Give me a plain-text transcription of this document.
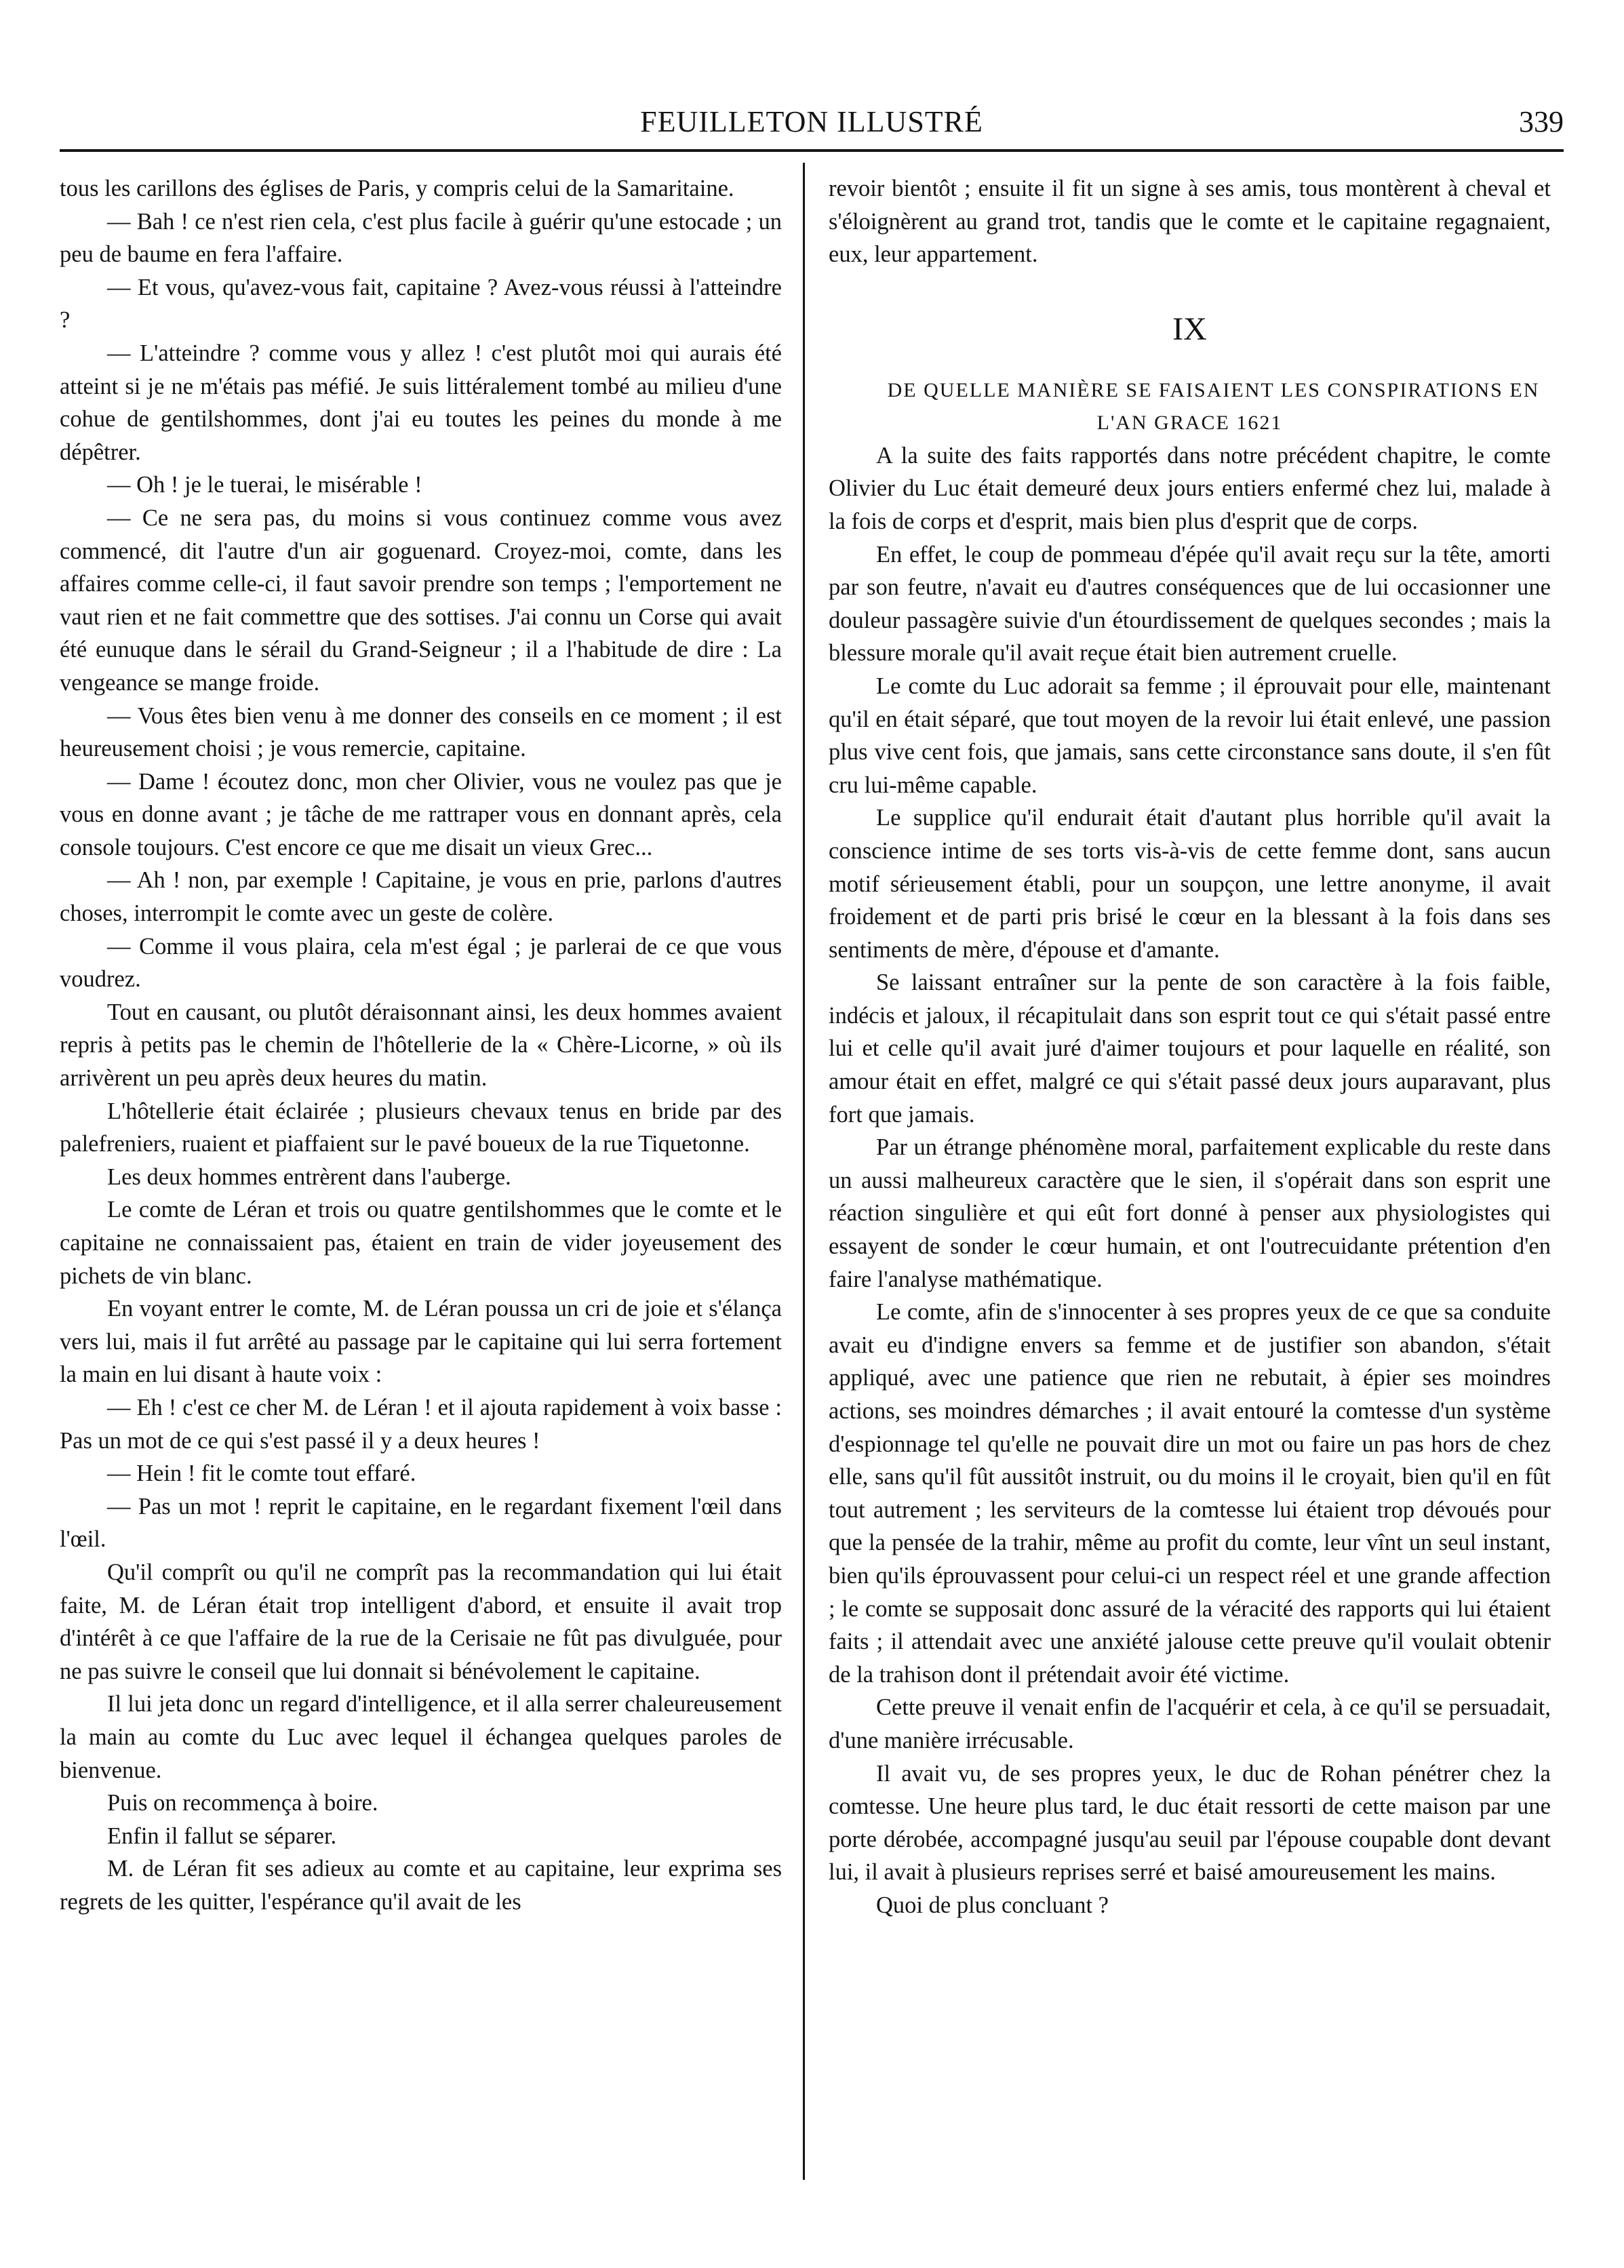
FEUILLETON ILLUSTRÉ	339

tous les carillons des églises de Paris, y compris celui de la Samaritaine.

— Bah ! ce n'est rien cela, c'est plus facile à guérir qu'une estocade ; un peu de baume en fera l'affaire.

— Et vous, qu'avez-vous fait, capitaine ? Avez-vous réussi à l'atteindre ?

— L'atteindre ? comme vous y allez ! c'est plutôt moi qui aurais été atteint si je ne m'étais pas méfié. Je suis littéralement tombé au milieu d'une cohue de gentilshommes, dont j'ai eu toutes les peines du monde à me dépêtrer.

— Oh ! je le tuerai, le misérable !

— Ce ne sera pas, du moins si vous continuez comme vous avez commencé, dit l'autre d'un air goguenard. Croyez-moi, comte, dans les affaires comme celle-ci, il faut savoir prendre son temps ; l'emportement ne vaut rien et ne fait commettre que des sottises. J'ai connu un Corse qui avait été eunuque dans le sérail du Grand-Seigneur ; il a l'habitude de dire : La vengeance se mange froide.

— Vous êtes bien venu à me donner des conseils en ce moment ; il est heureusement choisi ; je vous remercie, capitaine.

— Dame ! écoutez donc, mon cher Olivier, vous ne voulez pas que je vous en donne avant ; je tâche de me rattraper vous en donnant après, cela console toujours. C'est encore ce que me disait un vieux Grec...

— Ah ! non, par exemple ! Capitaine, je vous en prie, parlons d'autres choses, interrompit le comte avec un geste de colère.

— Comme il vous plaira, cela m'est égal ; je parlerai de ce que vous voudrez.

Tout en causant, ou plutôt déraisonnant ainsi, les deux hommes avaient repris à petits pas le chemin de l'hôtellerie de la « Chère-Licorne, » où ils arrivèrent un peu après deux heures du matin.

L'hôtellerie était éclairée ; plusieurs chevaux tenus en bride par des palefreniers, ruaient et piaffaient sur le pavé boueux de la rue Tiquetonne.

Les deux hommes entrèrent dans l'auberge.

Le comte de Léran et trois ou quatre gentilshommes que le comte et le capitaine ne connaissaient pas, étaient en train de vider joyeusement des pichets de vin blanc.

En voyant entrer le comte, M. de Léran poussa un cri de joie et s'élança vers lui, mais il fut arrêté au passage par le capitaine qui lui serra fortement la main en lui disant à haute voix :

— Eh ! c'est ce cher M. de Léran ! et il ajouta rapidement à voix basse : Pas un mot de ce qui s'est passé il y a deux heures !

— Hein ! fit le comte tout effaré.

— Pas un mot ! reprit le capitaine, en le regardant fixement l'œil dans l'œil.

Qu'il comprît ou qu'il ne comprît pas la recommandation qui lui était faite, M. de Léran était trop intelligent d'abord, et ensuite il avait trop d'intérêt à ce que l'affaire de la rue de la Cerisaie ne fût pas divulguée, pour ne pas suivre le conseil que lui donnait si bénévolement le capitaine.

Il lui jeta donc un regard d'intelligence, et il alla serrer chaleureusement la main au comte du Luc avec lequel il échangea quelques paroles de bienvenue.

Puis on recommença à boire.

Enfin il fallut se séparer.

M. de Léran fit ses adieux au comte et au capitaine, leur exprima ses regrets de les quitter, l'espérance qu'il avait de les

revoir bientôt ; ensuite il fit un signe à ses amis, tous montèrent à cheval et s'éloignèrent au grand trot, tandis que le comte et le capitaine regagnaient, eux, leur appartement.

IX

DE QUELLE MANIÈRE SE FAISAIENT LES CONSPIRATIONS EN
L'AN GRACE 1621

A la suite des faits rapportés dans notre précédent chapitre, le comte Olivier du Luc était demeuré deux jours entiers enfermé chez lui, malade à la fois de corps et d'esprit, mais bien plus d'esprit que de corps.

En effet, le coup de pommeau d'épée qu'il avait reçu sur la tête, amorti par son feutre, n'avait eu d'autres conséquences que de lui occasionner une douleur passagère suivie d'un étourdissement de quelques secondes ; mais la blessure morale qu'il avait reçue était bien autrement cruelle.

Le comte du Luc adorait sa femme ; il éprouvait pour elle, maintenant qu'il en était séparé, que tout moyen de la revoir lui était enlevé, une passion plus vive cent fois, que jamais, sans cette circonstance sans doute, il s'en fût cru lui-même capable.

Le supplice qu'il endurait était d'autant plus horrible qu'il avait la conscience intime de ses torts vis-à-vis de cette femme dont, sans aucun motif sérieusement établi, pour un soupçon, une lettre anonyme, il avait froidement et de parti pris brisé le cœur en la blessant à la fois dans ses sentiments de mère, d'épouse et d'amante.

Se laissant entraîner sur la pente de son caractère à la fois faible, indécis et jaloux, il récapitulait dans son esprit tout ce qui s'était passé entre lui et celle qu'il avait juré d'aimer toujours et pour laquelle en réalité, son amour était en effet, malgré ce qui s'était passé deux jours auparavant, plus fort que jamais.

Par un étrange phénomène moral, parfaitement explicable du reste dans un aussi malheureux caractère que le sien, il s'opérait dans son esprit une réaction singulière et qui eût fort donné à penser aux physiologistes qui essayent de sonder le cœur humain, et ont l'outrecuidante prétention d'en faire l'analyse mathématique.

Le comte, afin de s'innocenter à ses propres yeux de ce que sa conduite avait eu d'indigne envers sa femme et de justifier son abandon, s'était appliqué, avec une patience que rien ne rebutait, à épier ses moindres actions, ses moindres démarches ; il avait entouré la comtesse d'un système d'espionnage tel qu'elle ne pouvait dire un mot ou faire un pas hors de chez elle, sans qu'il fût aussitôt instruit, ou du moins il le croyait, bien qu'il en fût tout autrement ; les serviteurs de la comtesse lui étaient trop dévoués pour que la pensée de la trahir, même au profit du comte, leur vînt un seul instant, bien qu'ils éprouvassent pour celui-ci un respect réel et une grande affection ; le comte se supposait donc assuré de la véracité des rapports qui lui étaient faits ; il attendait avec une anxiété jalouse cette preuve qu'il voulait obtenir de la trahison dont il prétendait avoir été victime.

Cette preuve il venait enfin de l'acquérir et cela, à ce qu'il se persuadait, d'une manière irrécusable.

Il avait vu, de ses propres yeux, le duc de Rohan pénétrer chez la comtesse. Une heure plus tard, le duc était ressorti de cette maison par une porte dérobée, accompagné jusqu'au seuil par l'épouse coupable dont devant lui, il avait à plusieurs reprises serré et baisé amoureusement les mains.

Quoi de plus concluant ?
